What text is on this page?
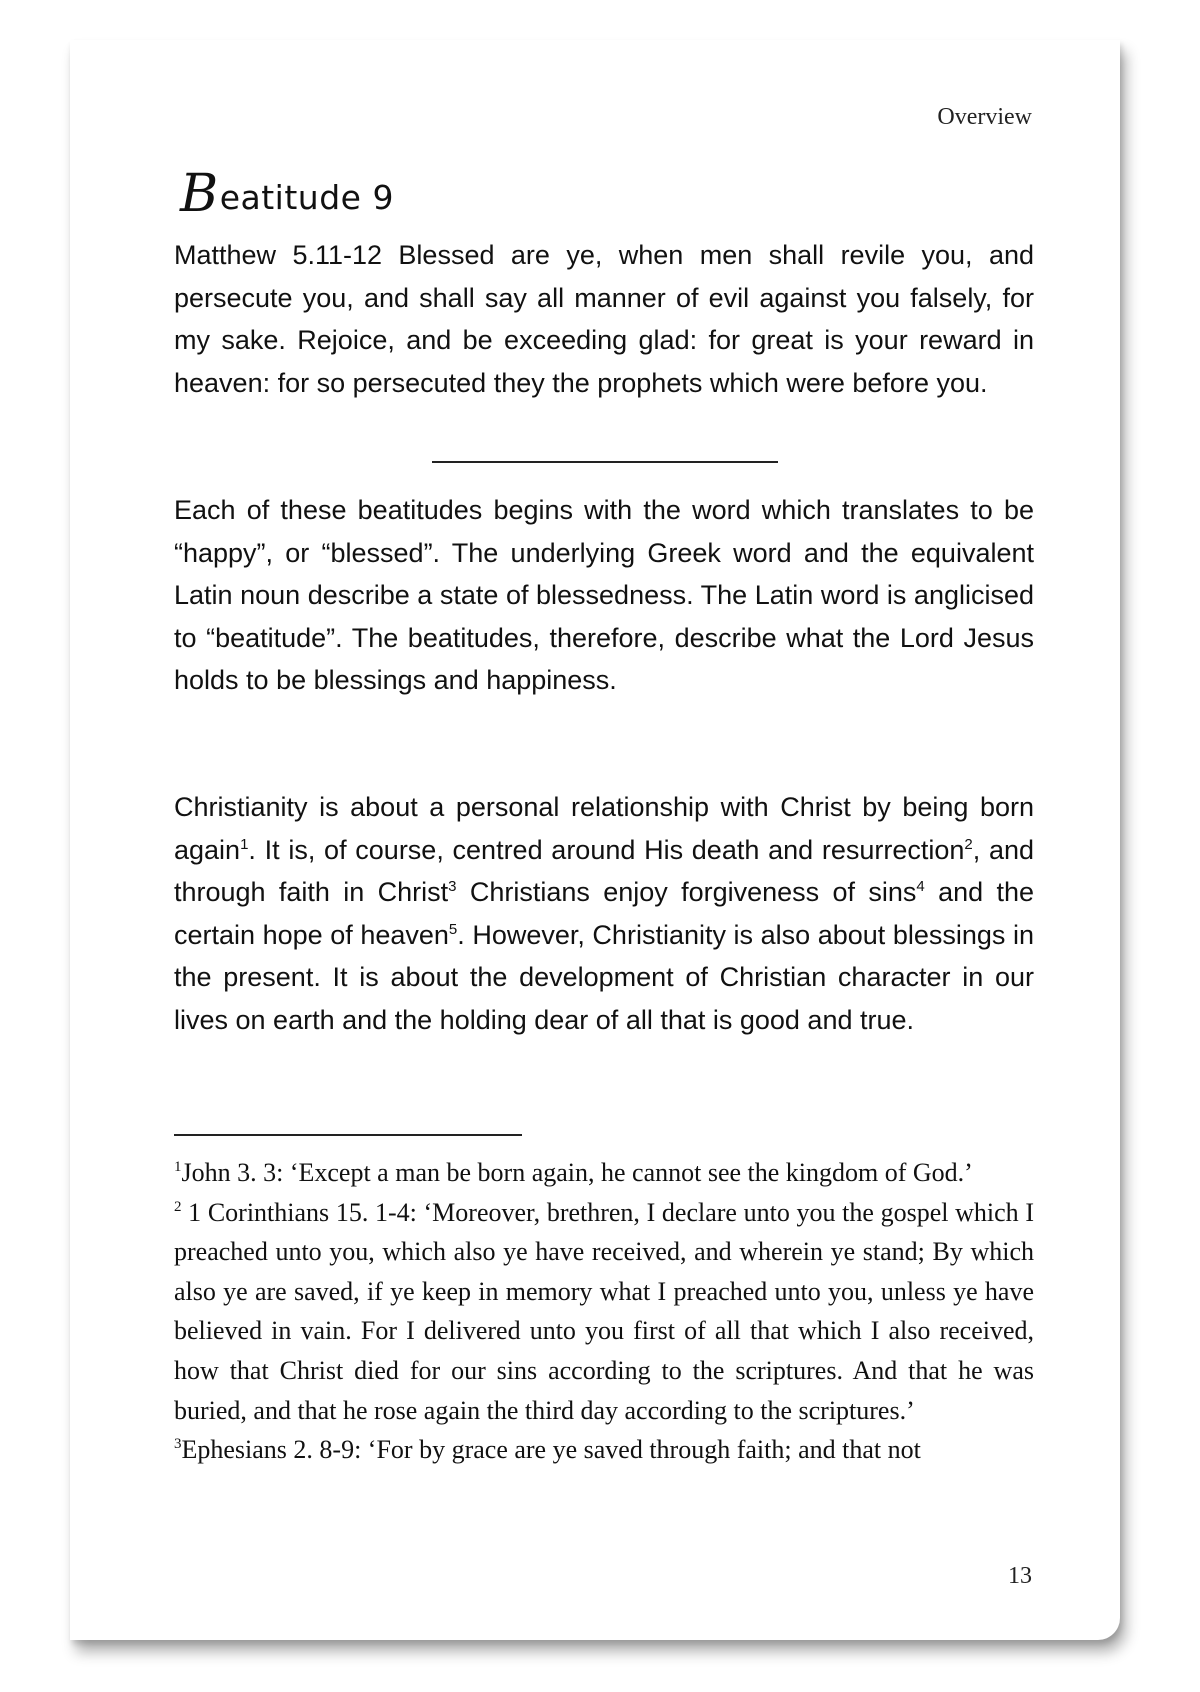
Overview
Beatitude 9

Matthew 5.11-12 Blessed are ye, when men shall revile you, and persecute you, and shall say all manner of evil against you falsely, for my sake. Rejoice, and be exceeding glad: for great is your reward in heaven: for so persecuted they the prophets which were before you.

Each of these beatitudes begins with the word which translates to be “happy”, or “blessed”. The underlying Greek word and the equivalent Latin noun describe a state of blessedness. The Latin word is anglicised to “beatitude”. The beatitudes, therefore, describe what the Lord Jesus holds to be blessings and happiness.

Christianity is about a personal relationship with Christ by being born again$^1$. It is, of course, centred around His death and resurrection$^2$, and through faith in Christ$^3$ Christians enjoy forgiveness of sins$^4$ and the certain hope of heaven$^5$. However, Christianity is also about blessings in the present. It is about the development of Christian character in our lives on earth and the holding dear of all that is good and true.

$^1$John 3. 3: ‘Except a man be born again, he cannot see the kingdom of God.’

$^2$ 1 Corinthians 15. 1-4: ‘Moreover, brethren, I declare unto you the gospel which I preached unto you, which also ye have received, and wherein ye stand; By which also ye are saved, if ye keep in memory what I preached unto you, unless ye have believed in vain. For I delivered unto you first of all that which I also received, how that Christ died for our sins according to the scriptures. And that he was buried, and that he rose again the third day according to the scriptures.’

$^3$Ephesians 2. 8-9: ‘For by grace are ye saved through faith; and that not

13
